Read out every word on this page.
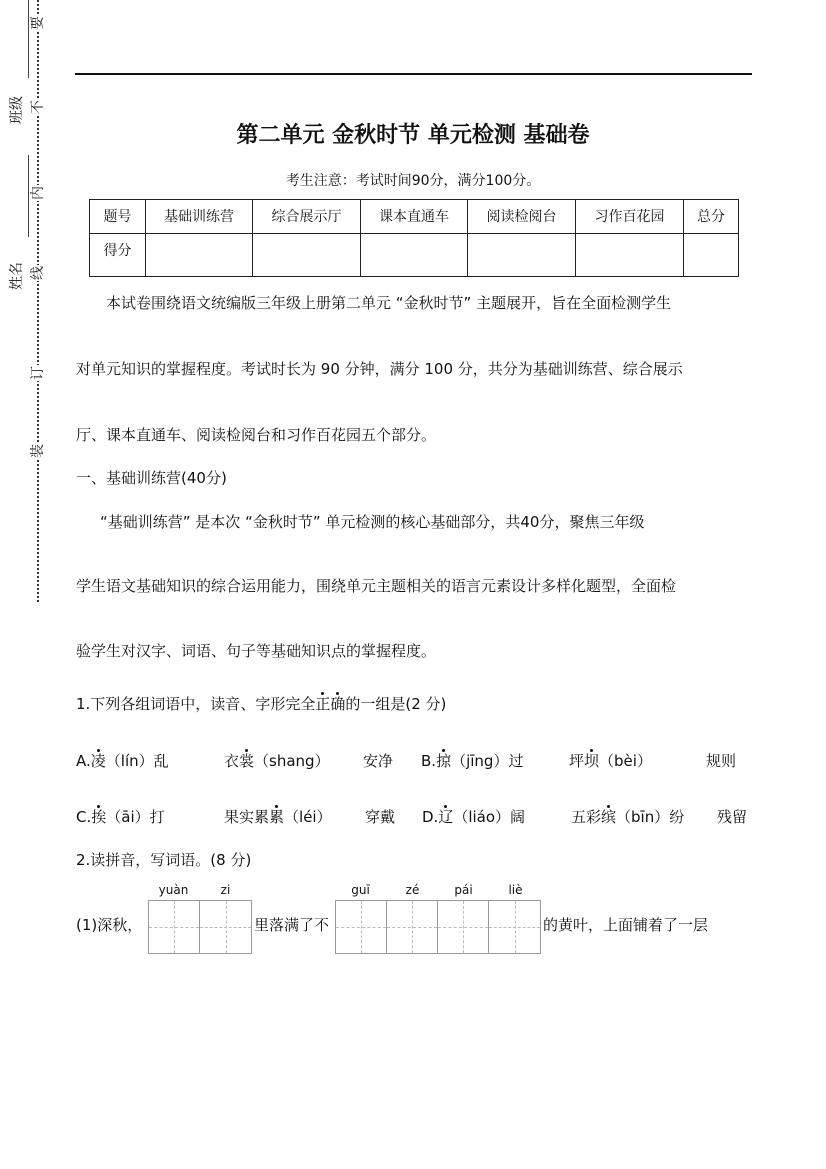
班级
姓名
要
不
内
线
订
装
第二单元 金秋时节 单元检测 基础卷
考生注意：考试时间90分，满分100分。
题号	基础训练营	综合展示厅	课本直通车	阅读检阅台	习作百花园	总分
得分						
本试卷围绕语文统编版三年级上册第二单元 “金秋时节” 主题展开，旨在全面检测学生
对单元知识的掌握程度。考试时长为 90 分钟，满分 100 分，共分为基础训练营、综合展示
厅、课本直通车、阅读检阅台和习作百花园五个部分。
一、基础训练营(40分)
“基础训练营” 是本次 “金秋时节” 单元检测的核心基础部分，共40分，聚焦三年级
学生语文基础知识的综合运用能力，围绕单元主题相关的语言元素设计多样化题型，全面检
验学生对汉字、词语、句子等基础知识点的掌握程度。
1.下列各组词语中，读音、字形完全正确的一组是(2 分)
A.凌（lín）乱	衣裳（shang） 安净 B.掠（jīng）过	坪坝（bèi）	规则
C.挨（āi）打	果实累累（léi） 穿戴 D.辽（liáo）阔	五彩缤（bīn）纷 残留
2.读拼音，写词语。(8 分)
yuàn	zi	guī	zé	pái	liè
(1)深秋，	里落满了不	的黄叶，上面铺着了一层
